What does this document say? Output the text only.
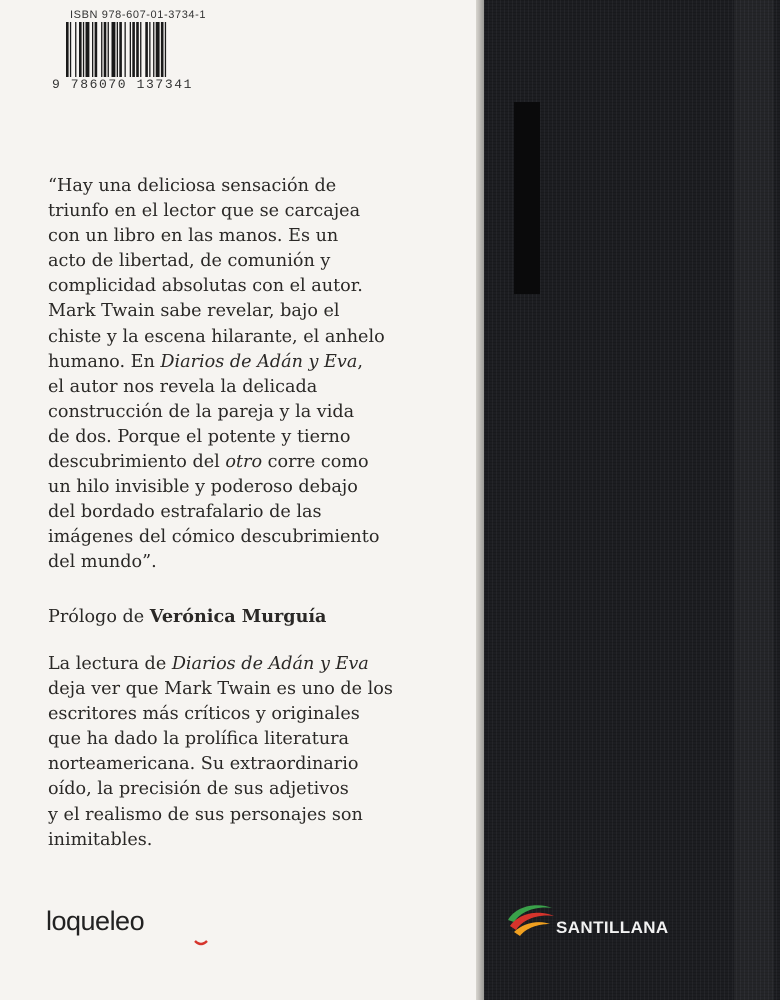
ISBN 978-607-01-3734-1
9 786070 137341

“Hay una deliciosa sensación de

triunfo en el lector que se carcajea

con un libro en las manos. Es un

acto de libertad, de comunión y

complicidad absolutas con el autor.

Mark Twain sabe revelar, bajo el

chiste y la escena hilarante, el anhelo

humano. En Diarios de Adán y Eva,

el autor nos revela la delicada

construcción de la pareja y la vida

de dos. Porque el potente y tierno

descubrimiento del otro corre como

un hilo invisible y poderoso debajo

del bordado estrafalario de las

imágenes del cómico descubrimiento

del mundo”.

Prólogo de Verónica Murguía

La lectura de Diarios de Adán y Eva

deja ver que Mark Twain es uno de los

escritores más críticos y originales

que ha dado la prolífica literatura

norteamericana. Su extraordinario

oído, la precisión de sus adjetivos

y el realismo de sus personajes son

inimitables.

loqueleo	SANTILLANA
